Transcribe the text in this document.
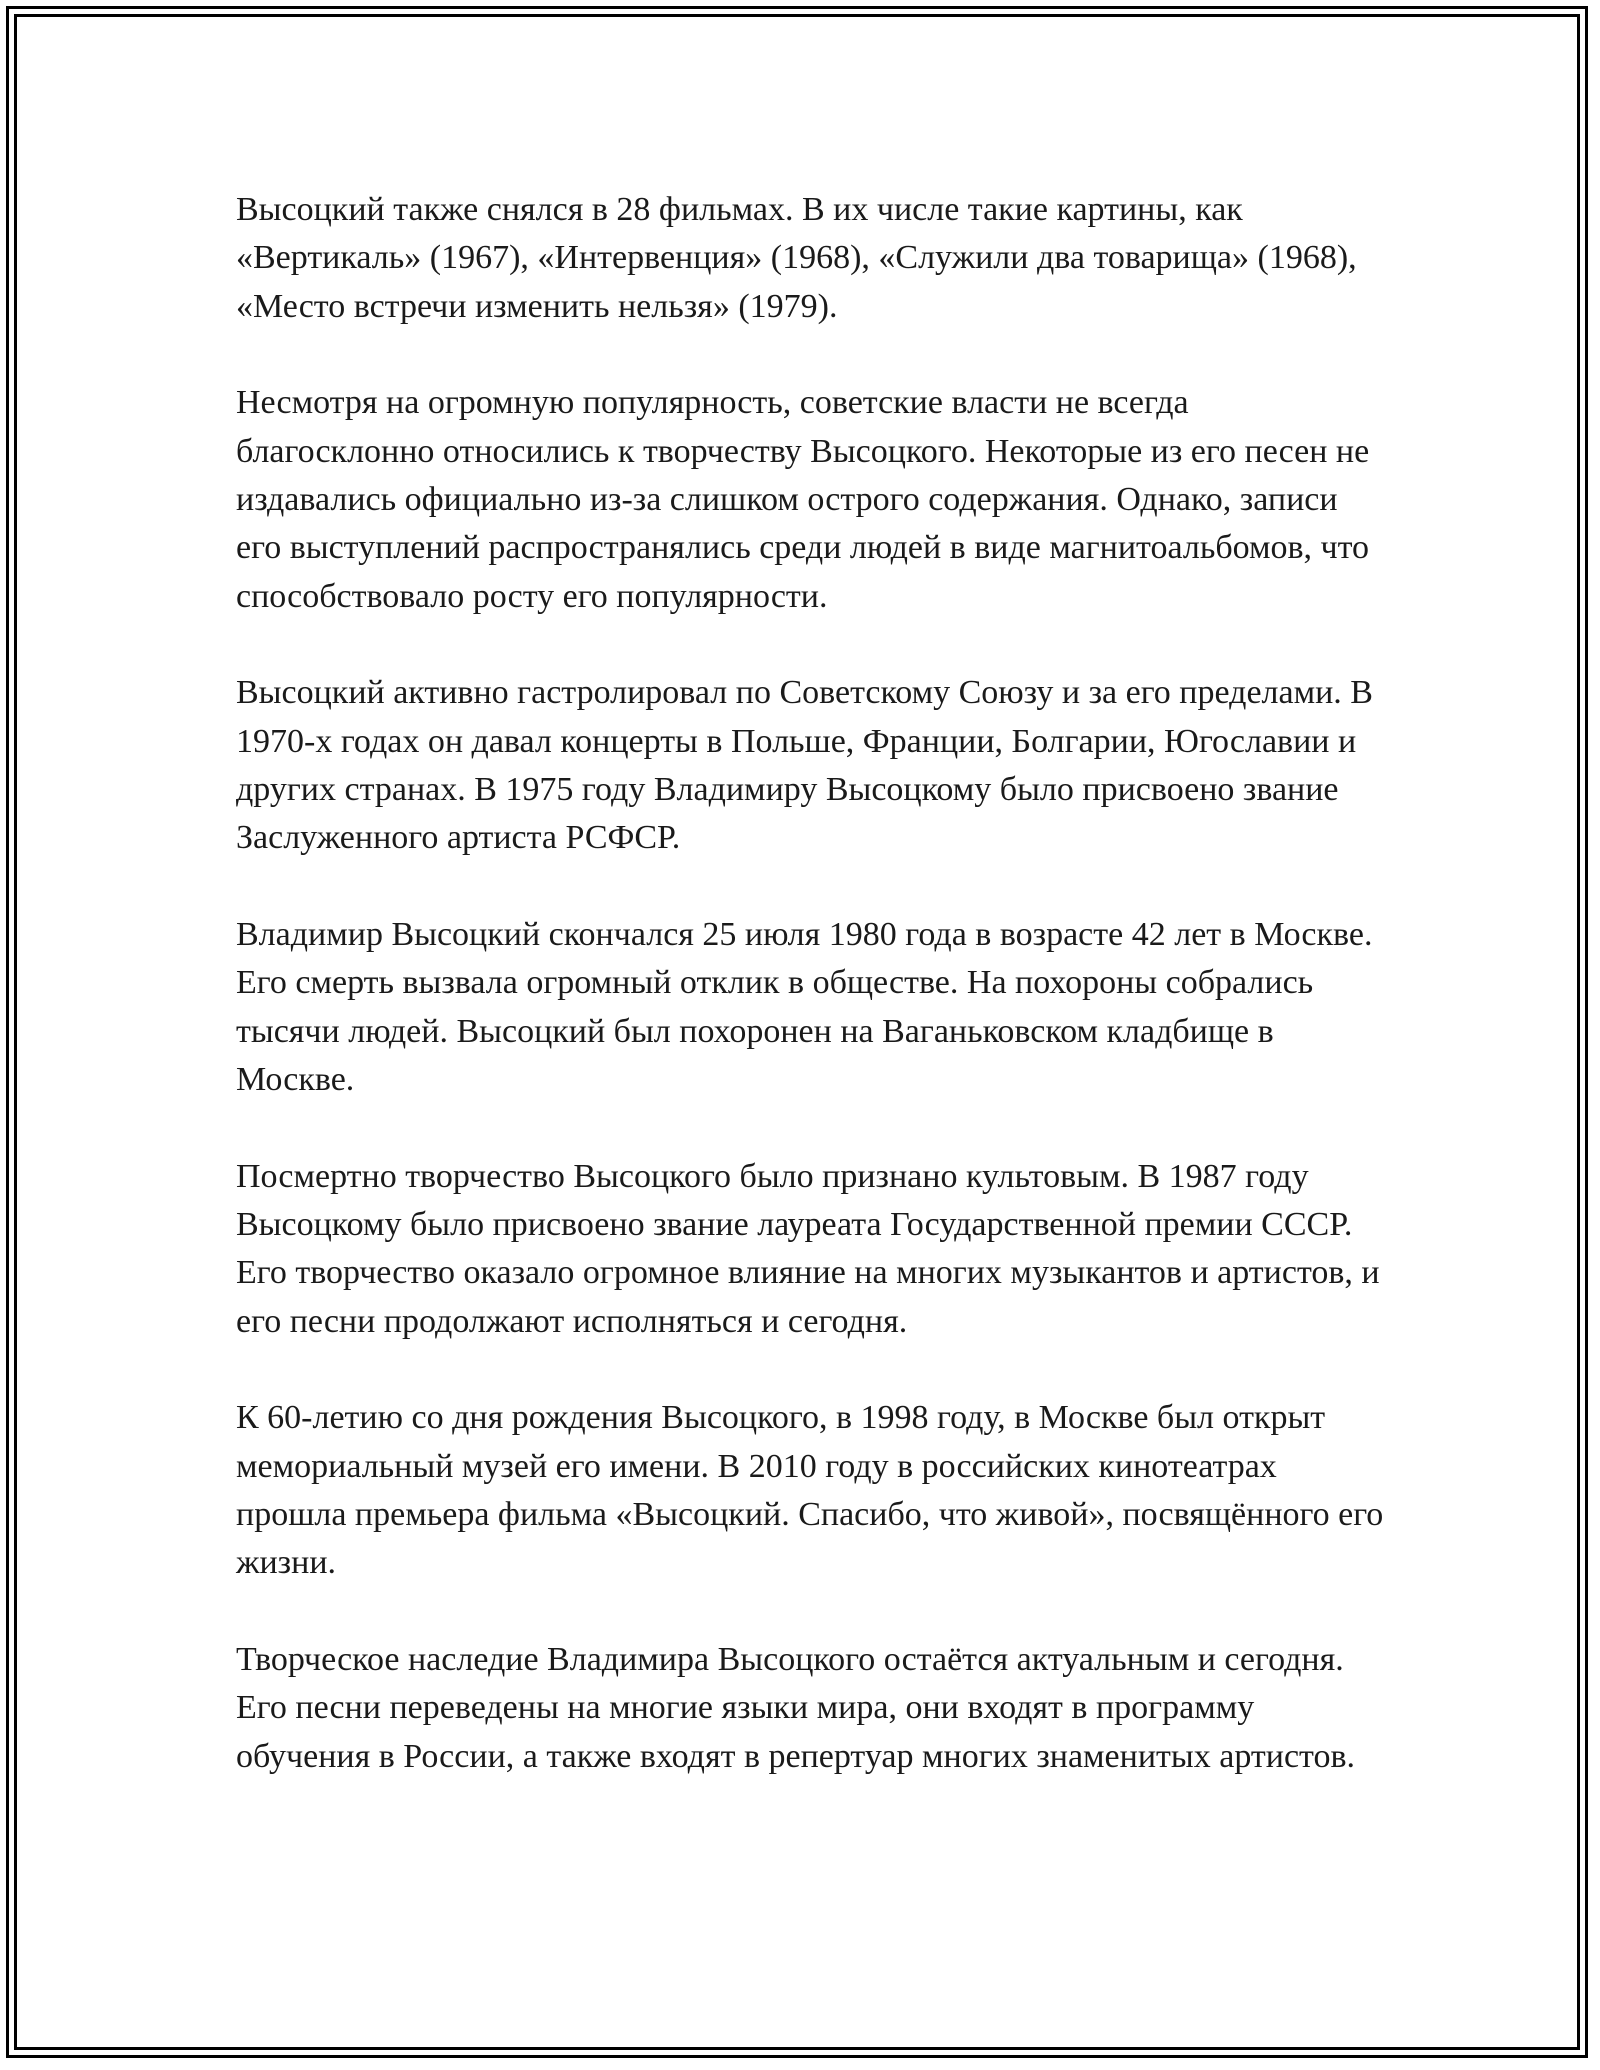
Высоцкий также снялся в 28 фильмах. В их числе такие картины, как «Вертикаль» (1967), «Интервенция» (1968), «Служили два товарища» (1968), «Место встречи изменить нельзя» (1979).

Несмотря на огромную популярность, советские власти не всегда благосклонно относились к творчеству Высоцкого. Некоторые из его песен не издавались официально из-за слишком острого содержания. Однако, записи его выступлений распространялись среди людей в виде магнитоальбомов, что способствовало росту его популярности.

Высоцкий активно гастролировал по Советскому Союзу и за его пределами. В 1970-х годах он давал концерты в Польше, Франции, Болгарии, Югославии и других странах. В 1975 году Владимиру Высоцкому было присвоено звание Заслуженного артиста РСФСР.

Владимир Высоцкий скончался 25 июля 1980 года в возрасте 42 лет в Москве. Его смерть вызвала огромный отклик в обществе. На похороны собрались тысячи людей. Высоцкий был похоронен на Ваганьковском кладбище в Москве.

Посмертно творчество Высоцкого было признано культовым. В 1987 году Высоцкому было присвоено звание лауреата Государственной премии СССР. Его творчество оказало огромное влияние на многих музыкантов и артистов, и его песни продолжают исполняться и сегодня.

К 60-летию со дня рождения Высоцкого, в 1998 году, в Москве был открыт мемориальный музей его имени. В 2010 году в российских кинотеатрах прошла премьера фильма «Высоцкий. Спасибо, что живой», посвящённого его жизни.

Творческое наследие Владимира Высоцкого остаётся актуальным и сегодня. Его песни переведены на многие языки мира, они входят в программу обучения в России, а также входят в репертуар многих знаменитых артистов.
